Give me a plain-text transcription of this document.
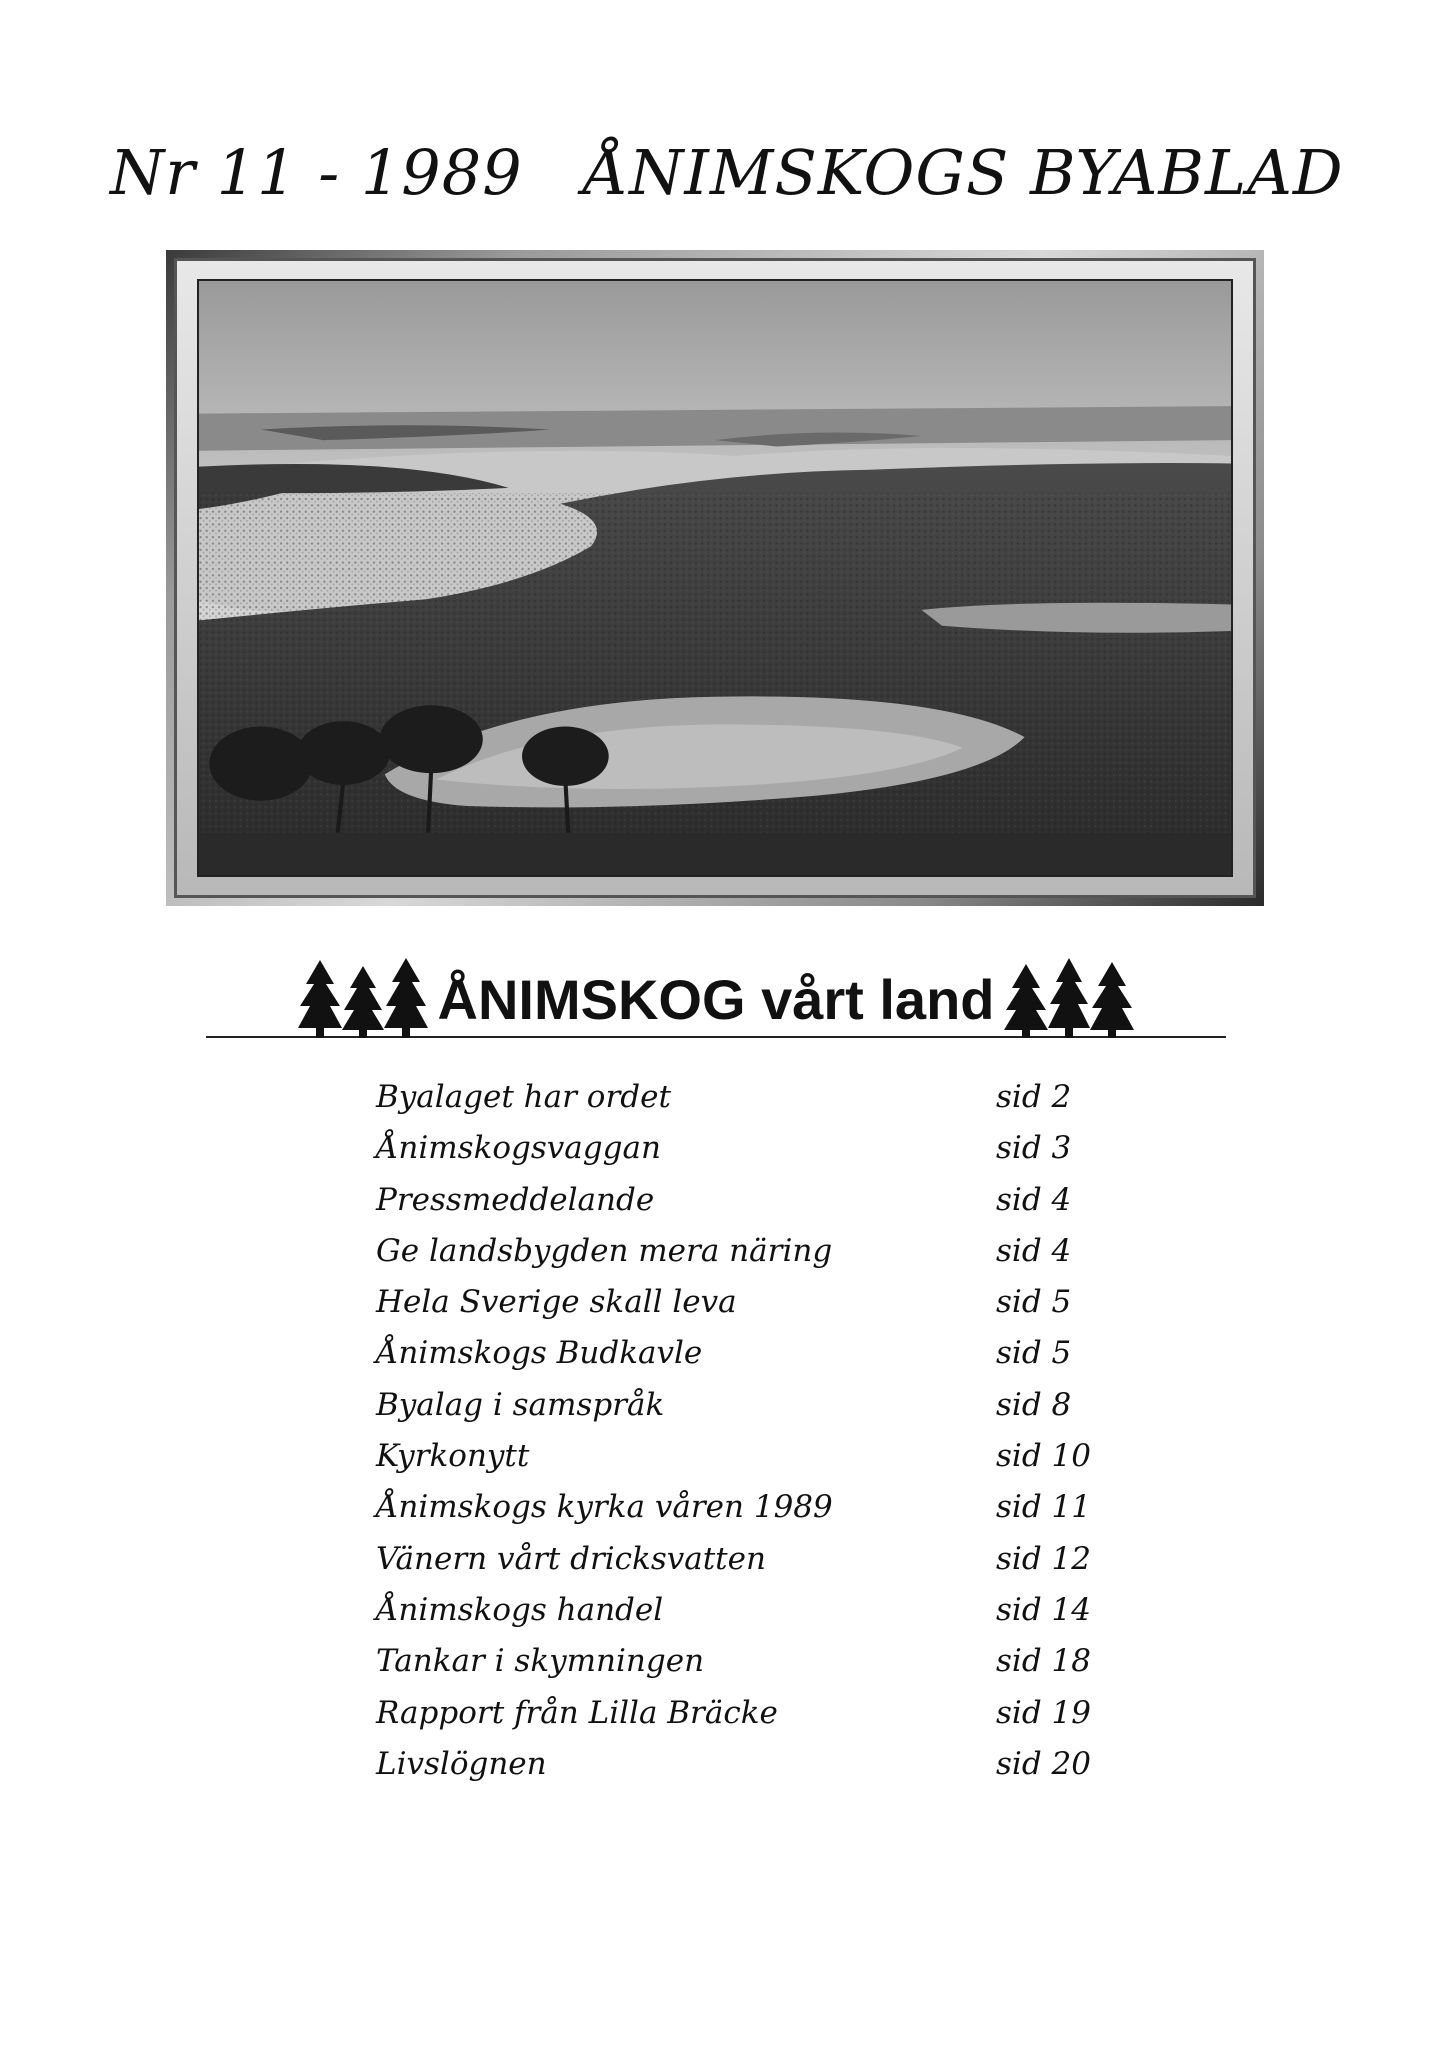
Nr 11 - 1989 ÅNIMSKOGS BYABLAD
ÅNIMSKOG vårt land
Byalaget har ordet	sid 2
Ånimskogsvaggan	sid 3
Pressmeddelande	sid 4
Ge landsbygden mera näring	sid 4
Hela Sverige skall leva	sid 5
Ånimskogs Budkavle	sid 5
Byalag i samspråk	sid 8
Kyrkonytt	sid 10
Ånimskogs kyrka våren 1989	sid 11
Vänern vårt dricksvatten	sid 12
Ånimskogs handel	sid 14
Tankar i skymningen	sid 18
Rapport från Lilla Bräcke	sid 19
Livslögnen	sid 20
